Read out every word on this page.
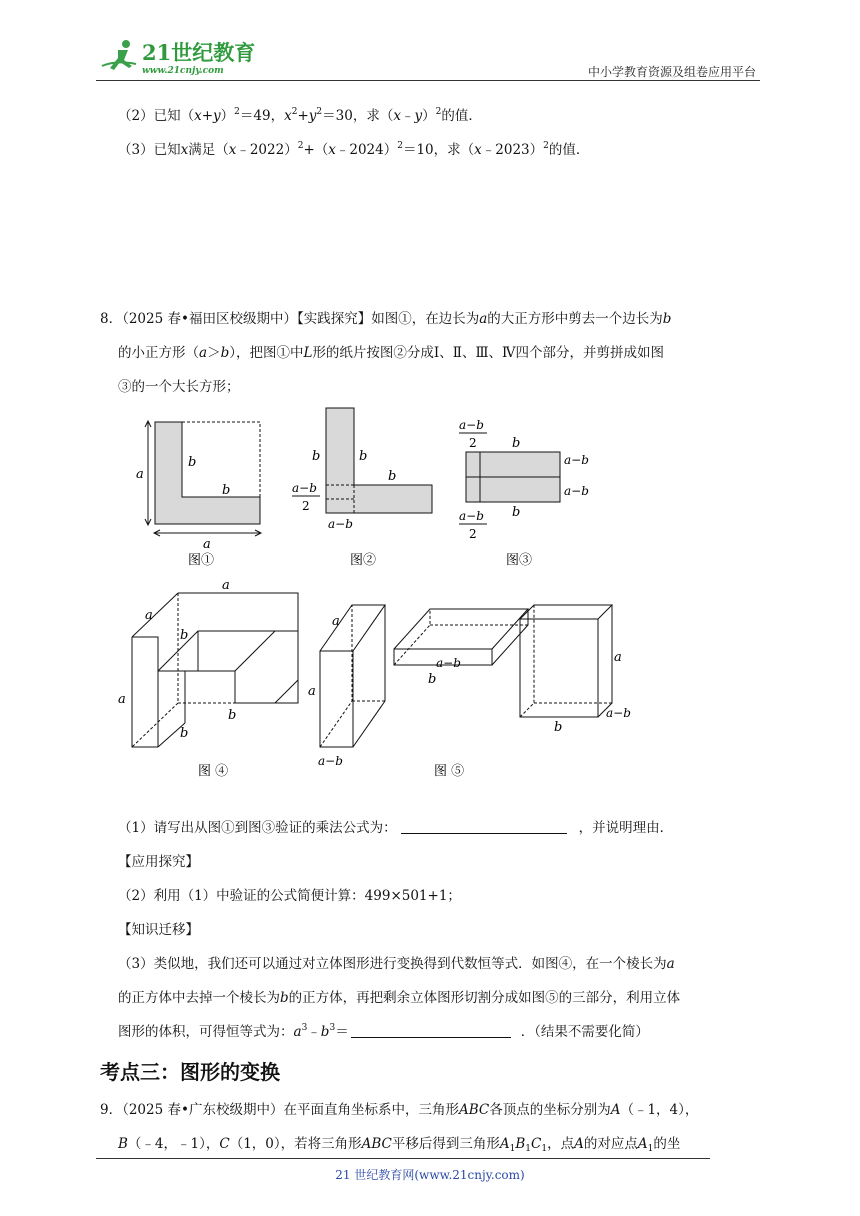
21世纪教育
www.21cnjy.com	中小学教育资源及组卷应用平台
（2）已知$(x+y)^2=49$，$x^2+y^2=30$，求（x﹣y）$^2$的值．
（3）已知x满足（x﹣2022）$^2$+（x﹣2024）$^2$＝10，求（x﹣2023）$^2$的值．
8．（2025 春•福田区校级期中）【实践探究】如图①，在边长为a的大正方形中剪去一个边长为b
的小正方形（a＞b），把图①中L形的纸片按图②分成Ⅰ、Ⅱ、Ⅲ、Ⅳ四个部分，并剪拼成如图
③的一个大长方形；
a
b
b
a
图①
b	b
b
a−b
2
a−b
图②
a−b
2	b
a−b
a−b
b
a−b
2
图③
a
a
a
b
b
b
图 ④
a
a
a−b
a−b
b
a
a−b
b
图 ⑤
（1）请写出从图①到图③验证的乘法公式为：	，并说明理由．
【应用探究】
（2）利用（1）中验证的公式简便计算：499×501+1；
【知识迁移】
（3）类似地，我们还可以通过对立体图形进行变换得到代数恒等式．如图④，在一个棱长为a
的正方体中去掉一个棱长为b的正方体，再把剩余立体图形切割分成如图⑤的三部分，利用立体
图形的体积，可得恒等式为：$a^3﹣b^3=$	．（结果不需要化简）
考点三：图形的变换
9．（2025 春•广东校级期中）在平面直角坐标系中，三角形ABC各顶点的坐标分别为A（﹣1，4），
B（﹣4，﹣1），C（1，0），若将三角形ABC平移后得到三角形$A_1B_1C_1$，点A的对应点$A_1$的坐
21 世纪教育网(www.21cnjy.com)
